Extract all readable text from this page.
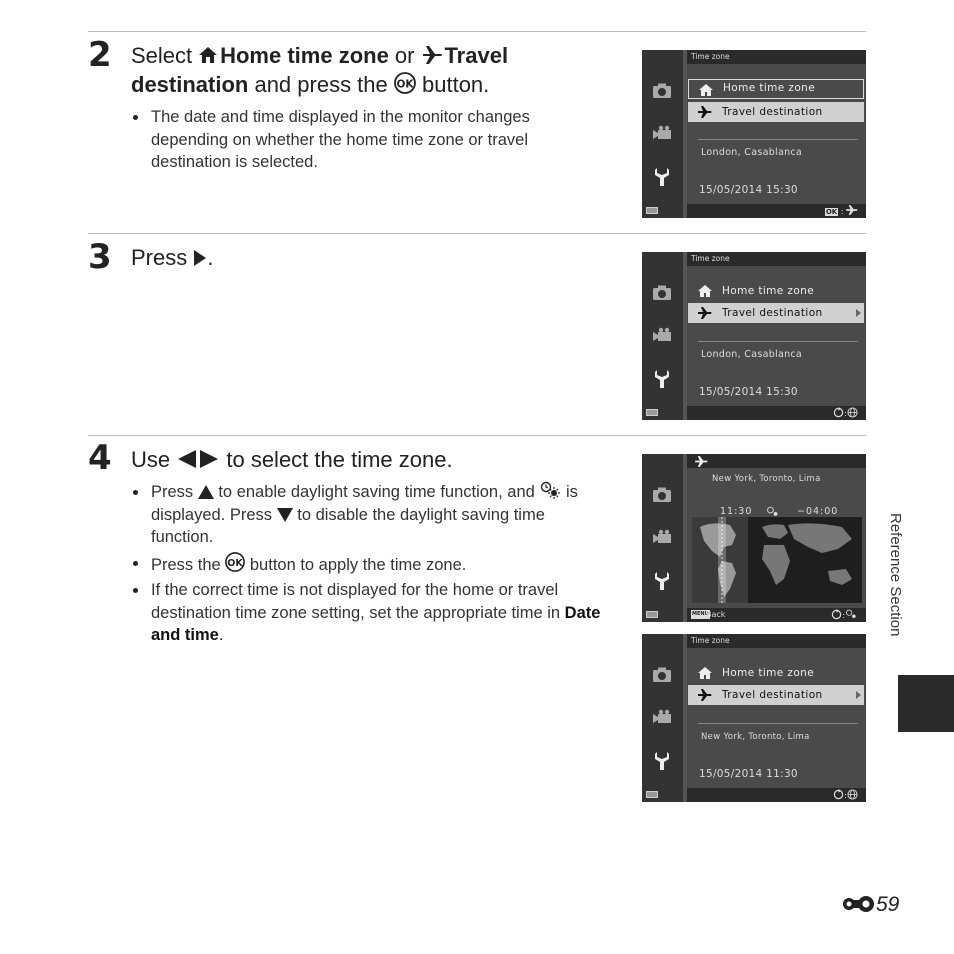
2 Select  Home time zone or  Travel destination and press the OK button.
The date and time displayed in the monitor changes depending on whether the home time zone or travel destination is selected.
3 Press .
4 Use  to select the time zone.
Press  to enable daylight saving time function, and  is displayed. Press  to disable the daylight saving time function.
Press the OK button to apply the time zone.
If the correct time is not displayed for the home or travel destination time zone setting, set the appropriate time in Date and time.
Time zone
Home time zone
Travel destination
London, Casablanca
15/05/2014 15:30
OK :
Time zone
Home time zone
Travel destination
London, Casablanca
15/05/2014 15:30
:
New York, Toronto, Lima
11:30	−04:00
MENU
Back	:
Time zone
Home time zone
Travel destination
New York, Toronto, Lima
15/05/2014 11:30
:
Reference Section
59
